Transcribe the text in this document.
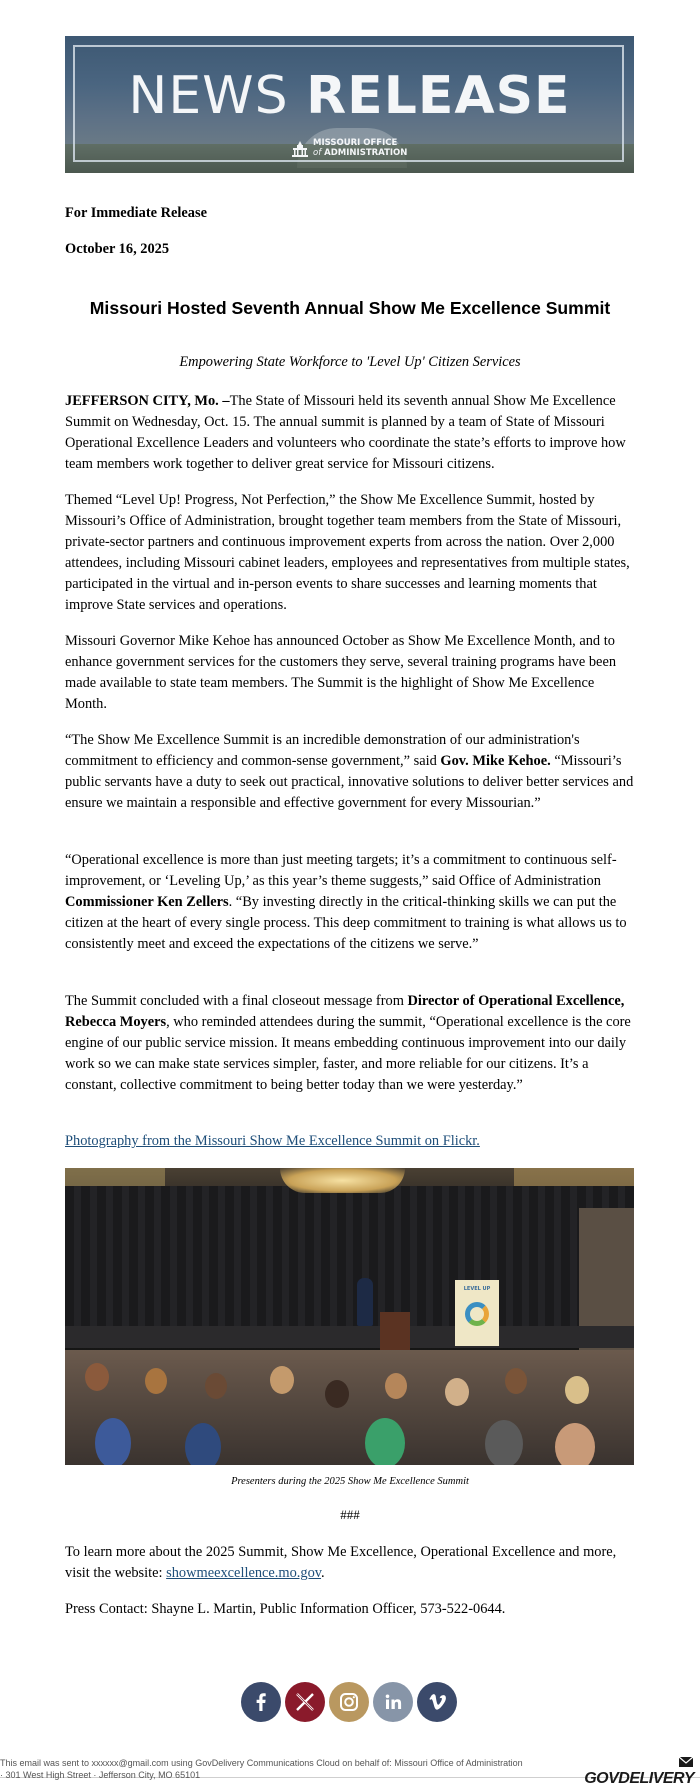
NEWS RELEASE
MISSOURI OFFICE
of ADMINISTRATION
For Immediate Release
October 16, 2025
Missouri Hosted Seventh Annual Show Me Excellence Summit
Empowering State Workforce to 'Level Up' Citizen Services
JEFFERSON CITY, Mo. –The State of Missouri held its seventh annual Show Me Excellence Summit on Wednesday, Oct. 15. The annual summit is planned by a team of State of Missouri Operational Excellence Leaders and volunteers who coordinate the state’s efforts to improve how team members work together to deliver great service for Missouri citizens.
Themed “Level Up! Progress, Not Perfection,” the Show Me Excellence Summit, hosted by Missouri’s Office of Administration, brought together team members from the State of Missouri, private-sector partners and continuous improvement experts from across the nation. Over 2,000 attendees, including Missouri cabinet leaders, employees and representatives from multiple states, participated in the virtual and in-person events to share successes and learning moments that improve State services and operations.
Missouri Governor Mike Kehoe has announced October as Show Me Excellence Month, and to enhance government services for the customers they serve, several training programs have been made available to state team members. The Summit is the highlight of Show Me Excellence Month.
“The Show Me Excellence Summit is an incredible demonstration of our administration's commitment to efficiency and common-sense government,” said Gov. Mike Kehoe. “Missouri’s public servants have a duty to seek out practical, innovative solutions to deliver better services and ensure we maintain a responsible and effective government for every Missourian.”
“Operational excellence is more than just meeting targets; it’s a commitment to continuous self-improvement, or ‘Leveling Up,’ as this year’s theme suggests,” said Office of Administration Commissioner Ken Zellers. “By investing directly in the critical-thinking skills we can put the citizen at the heart of every single process. This deep commitment to training is what allows us to consistently meet and exceed the expectations of the citizens we serve.”
The Summit concluded with a final closeout message from Director of Operational Excellence, Rebecca Moyers, who reminded attendees during the summit, “Operational excellence is the core engine of our public service mission. It means embedding continuous improvement into our daily work so we can make state services simpler, faster, and more reliable for our citizens. It’s a constant, collective commitment to being better today than we were yesterday.”
Photography from the Missouri Show Me Excellence Summit on Flickr.
LEVEL UP
Presenters during the 2025 Show Me Excellence Summit
###
To learn more about the 2025 Summit, Show Me Excellence, Operational Excellence and more, visit the website: showmeexcellence.mo.gov.
Press Contact: Shayne L. Martin, Public Information Officer, 573-522-0644.
This email was sent to xxxxxx@gmail.com using GovDelivery Communications Cloud on behalf of: Missouri Office of Administration
· 301 West High Street · Jefferson City, MO 65101	GOVDELIVERY
